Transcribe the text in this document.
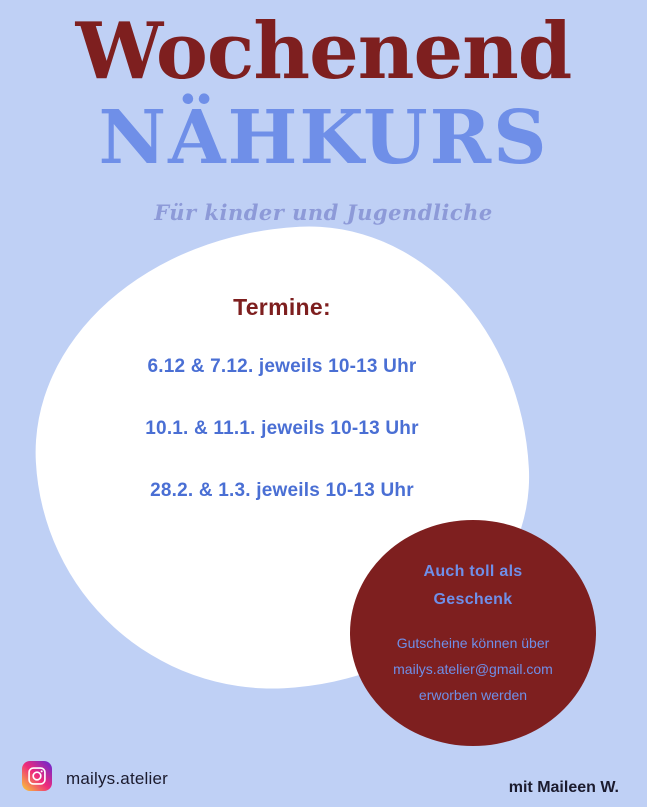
Wochenend
NÄHKURS
Für kinder und Jugendliche
Termine:
6.12 & 7.12. jeweils 10-13 Uhr
10.1. & 11.1. jeweils 10-13 Uhr
28.2. & 1.3. jeweils 10-13 Uhr
Auch toll als
Geschenk
Gutscheine können über
mailys.atelier@gmail.com
erworben werden
mailys.atelier	mit Maileen W.
